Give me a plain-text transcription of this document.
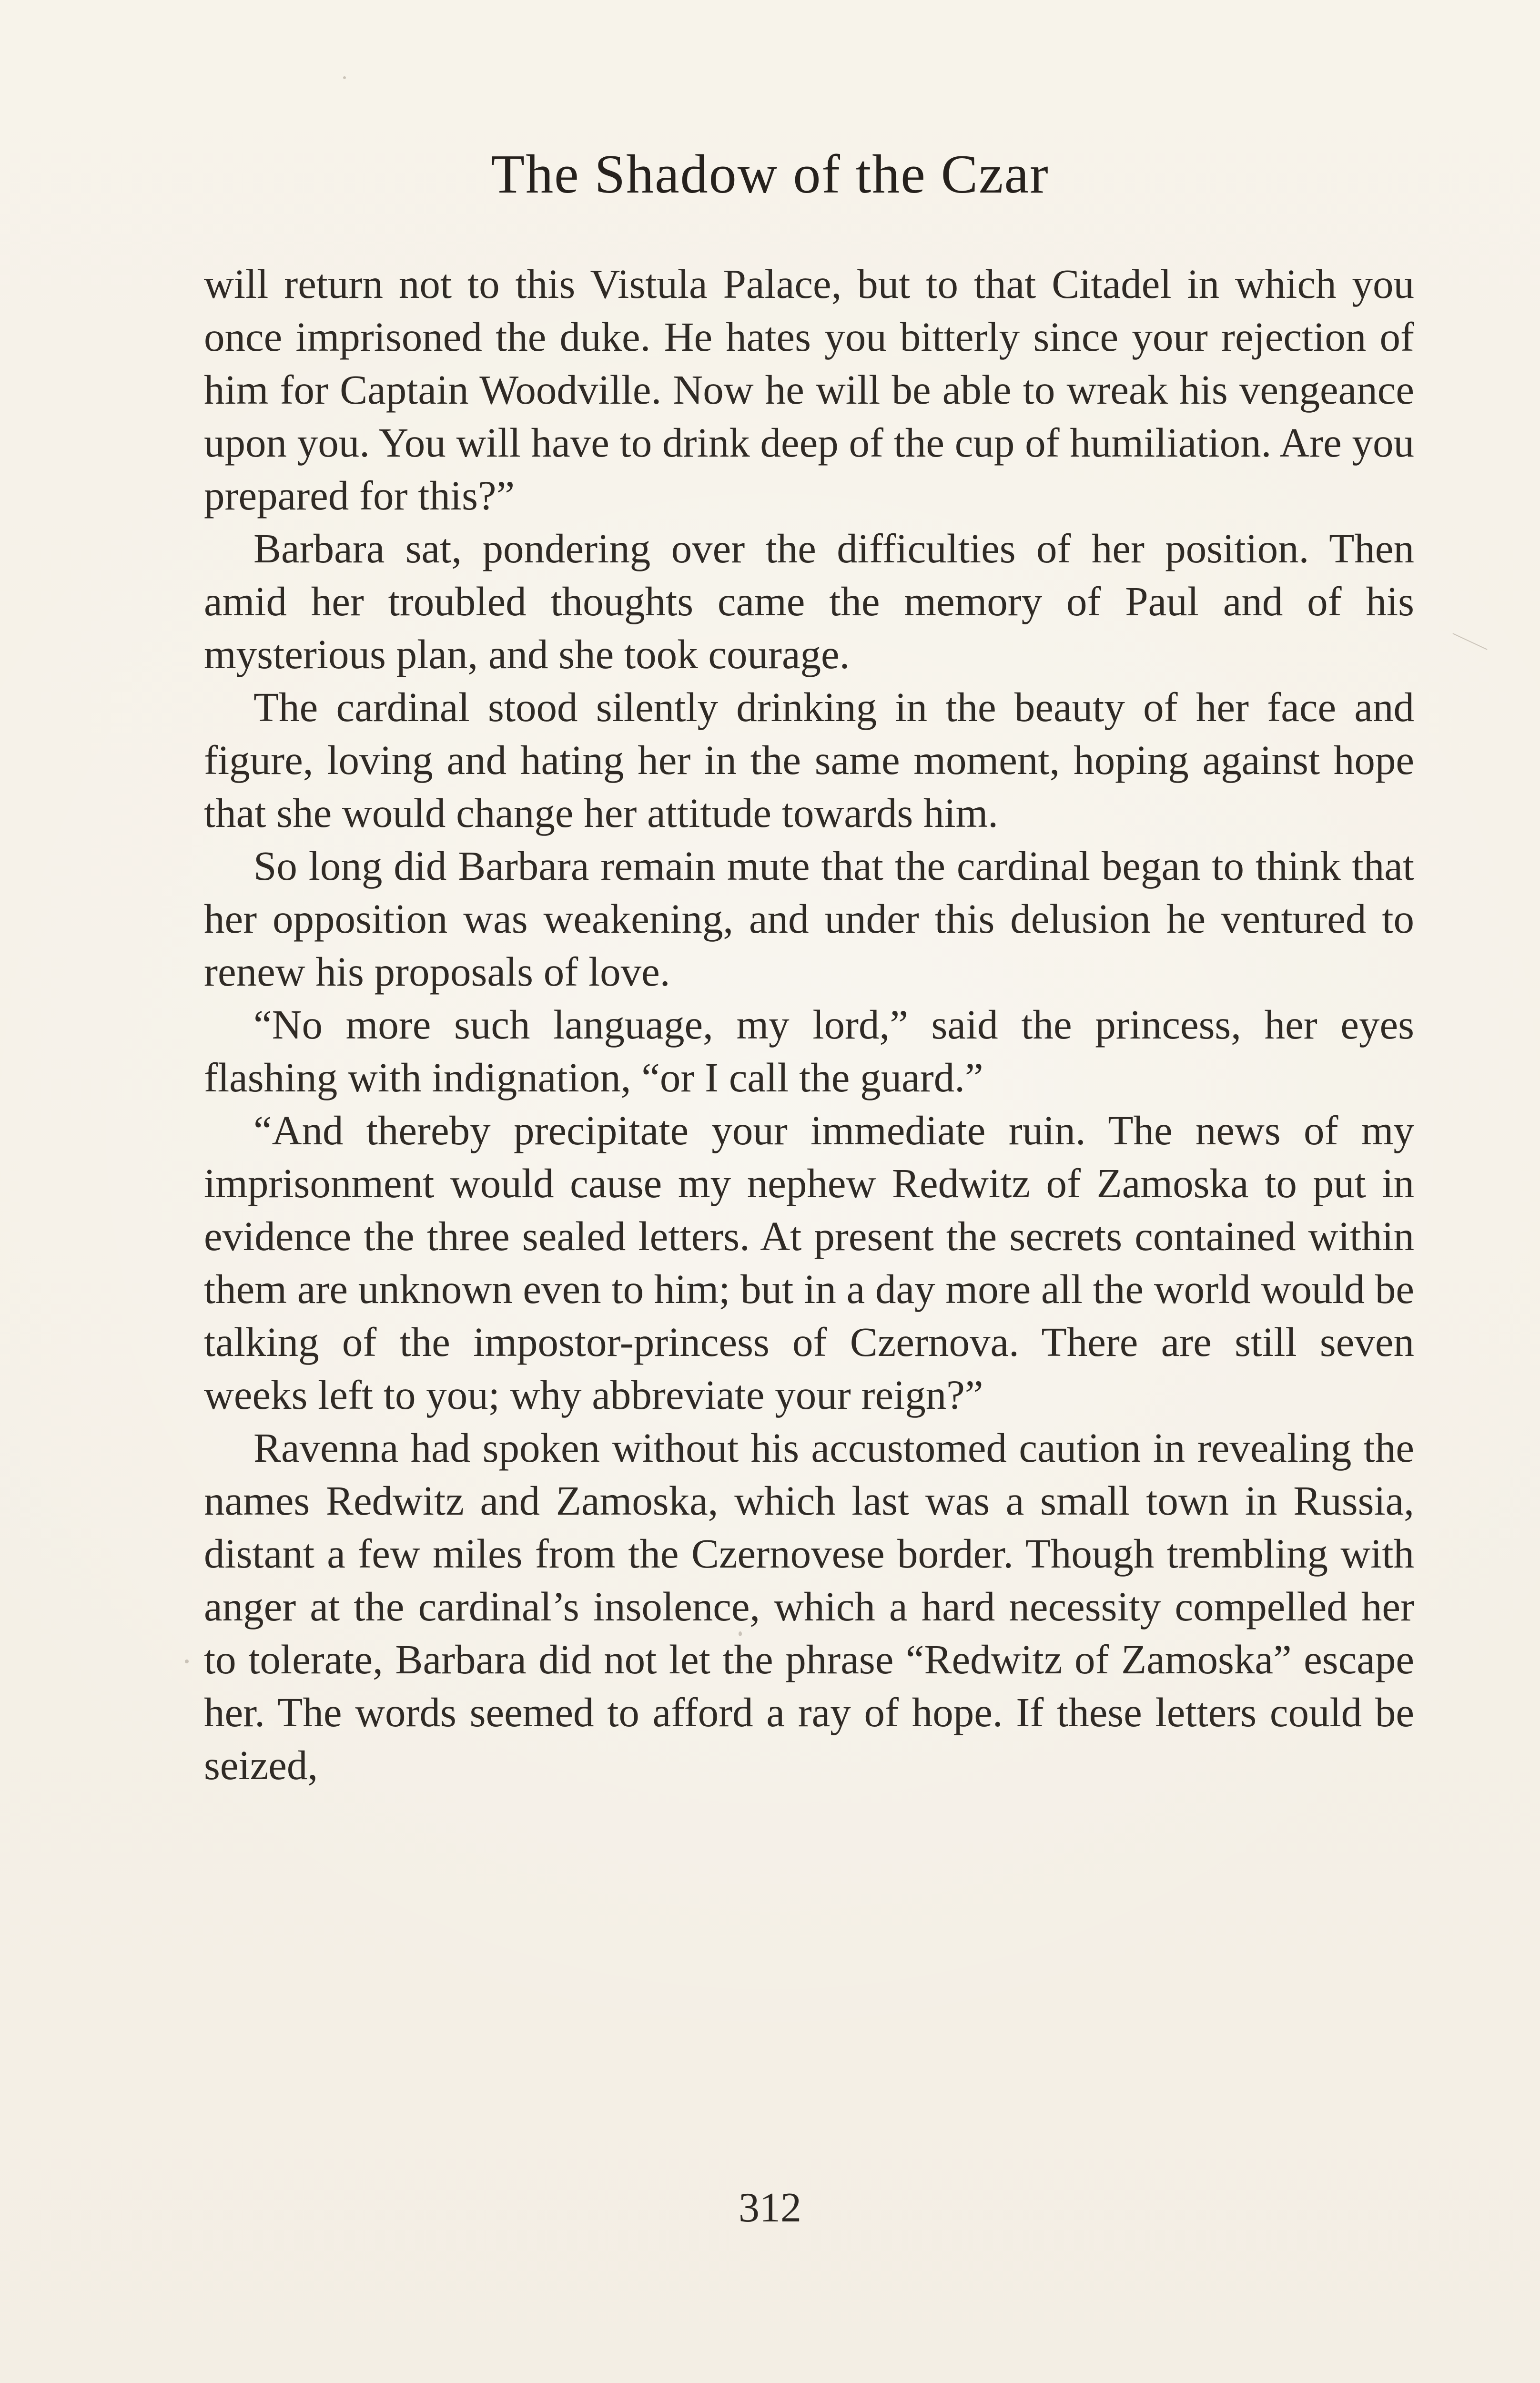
The Shadow of the Czar

will return not to this Vistula Palace, but to that Citadel in which you once imprisoned the duke. He hates you bitterly since your rejection of him for Captain Woodville. Now he will be able to wreak his vengeance upon you. You will have to drink deep of the cup of humiliation. Are you prepared for this?”

Barbara sat, pondering over the difficulties of her position. Then amid her troubled thoughts came the memory of Paul and of his mysterious plan, and she took courage.

The cardinal stood silently drinking in the beauty of her face and figure, loving and hating her in the same moment, hoping against hope that she would change her attitude towards him.

So long did Barbara remain mute that the cardinal began to think that her opposition was weakening, and under this delusion he ventured to renew his proposals of love.

“No more such language, my lord,” said the princess, her eyes flashing with indignation, “or I call the guard.”

“And thereby precipitate your immediate ruin. The news of my imprisonment would cause my nephew Redwitz of Zamoska to put in evidence the three sealed letters. At present the secrets contained within them are unknown even to him; but in a day more all the world would be talking of the impostor-princess of Czernova. There are still seven weeks left to you; why abbreviate your reign?”

Ravenna had spoken without his accustomed caution in revealing the names Redwitz and Zamoska, which last was a small town in Russia, distant a few miles from the Czernovese border. Though trembling with anger at the cardinal’s insolence, which a hard necessity compelled her to tolerate, Barbara did not let the phrase “Redwitz of Zamoska” escape her. The words seemed to afford a ray of hope. If these letters could be seized,

312
